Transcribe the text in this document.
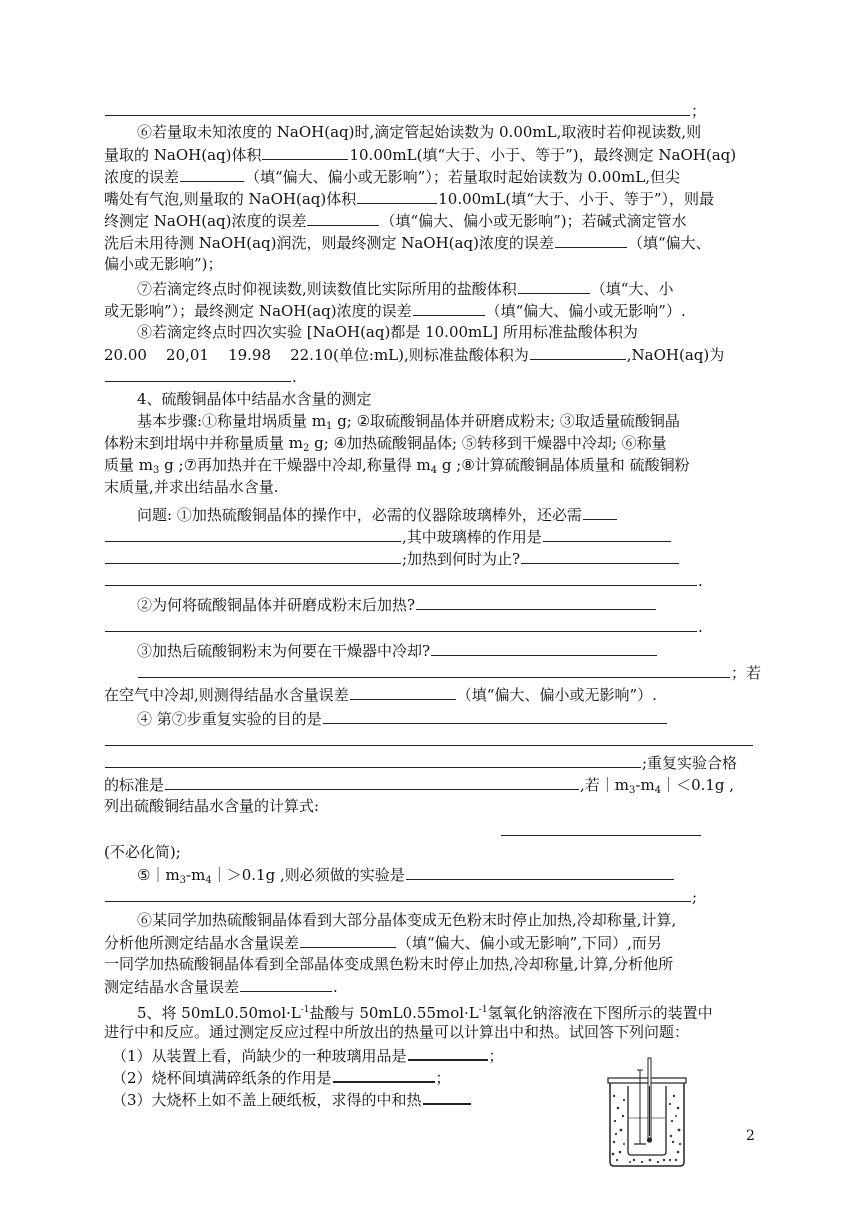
；
⑥若量取未知浓度的 NaOH(aq)时,滴定管起始读数为 0.00mL,取液时若仰视读数,则
量取的 NaOH(aq)体积	10.00mL(填“大于、小于、等于”)，最终测定 NaOH(aq)
浓度的误差	（填“偏大、偏小或无影响”）；若量取时起始读数为 0.00mL,但尖
嘴处有气泡,则量取的 NaOH(aq)体积	10.00mL(填“大于、小于、等于”），则最
终测定 NaOH(aq)浓度的误差	（填“偏大、偏小或无影响”)；若碱式滴定管水
洗后未用待测 NaOH(aq)润洗，则最终测定 NaOH(aq)浓度的误差	（填“偏大、
偏小或无影响”)；
⑦若滴定终点时仰视读数,则读数值比实际所用的盐酸体积	（填“大、小
或无影响”）；最终测定 NaOH(aq)浓度的误差	（填“偏大、偏小或无影响”）.
⑧若滴定终点时四次实验 [NaOH(aq)都是 10.00mL] 所用标准盐酸体积为
20.00 20,01 19.98 22.10(单位:mL),则标准盐酸体积为	,NaOH(aq)为
.
4、硫酸铜晶体中结晶水含量的测定
基本步骤:①称量坩埚质量 $m_1$ g; ②取硫酸铜晶体并研磨成粉末; ③取适量硫酸铜晶
体粉末到坩埚中并称量质量 $m_2$ g; ④加热硫酸铜晶体; ⑤转移到干燥器中冷却; ⑥称量
质量 $m_3$ g ;⑦再加热并在干燥器中冷却,称量得 $m_4$ g ;⑧计算硫酸铜晶体质量和 硫酸铜粉
末质量,并求出结晶水含量.
问题: ①加热硫酸铜晶体的操作中，必需的仪器除玻璃棒外，还必需
,其中玻璃棒的作用是
;加热到何时为止?
.
②为何将硫酸铜晶体并研磨成粉末后加热?
.
③加热后硫酸铜粉末为何要在干燥器中冷却?
；若
在空气中冷却,则测得结晶水含量误差	（填“偏大、偏小或无影响”）.
④ 第⑦步重复实验的目的是
;重复实验合格
的标准是	,若$|m_3-m_4|<0.1g$ ,
列出硫酸铜结晶水含量的计算式:
(不必化简);
$⑤|m_3-m_4|>0.1g$ ,则必须做的实验是
;
⑥某同学加热硫酸铜晶体看到大部分晶体变成无色粉末时停止加热,冷却称量,计算,
分析他所测定结晶水含量误差	（填“偏大、偏小或无影响”,下同）,而另
一同学加热硫酸铜晶体看到全部晶体变成黑色粉末时停止加热,冷却称量,计算,分析他所
测定结晶水含量误差	.
5、将 $50mL0.50mol\cdot L^{-1}$盐酸与 $50mL0.55mol\cdot L^{-1}$氢氧化钠溶液在下图所示的装置中
进行中和反应。通过测定反应过程中所放出的热量可以计算出中和热。试回答下列问题：
（1）从装置上看，尚缺少的一种玻璃用品是	；
（2）烧杯间填满碎纸条的作用是	；
（3）大烧杯上如不盖上硬纸板，求得的中和热
2
